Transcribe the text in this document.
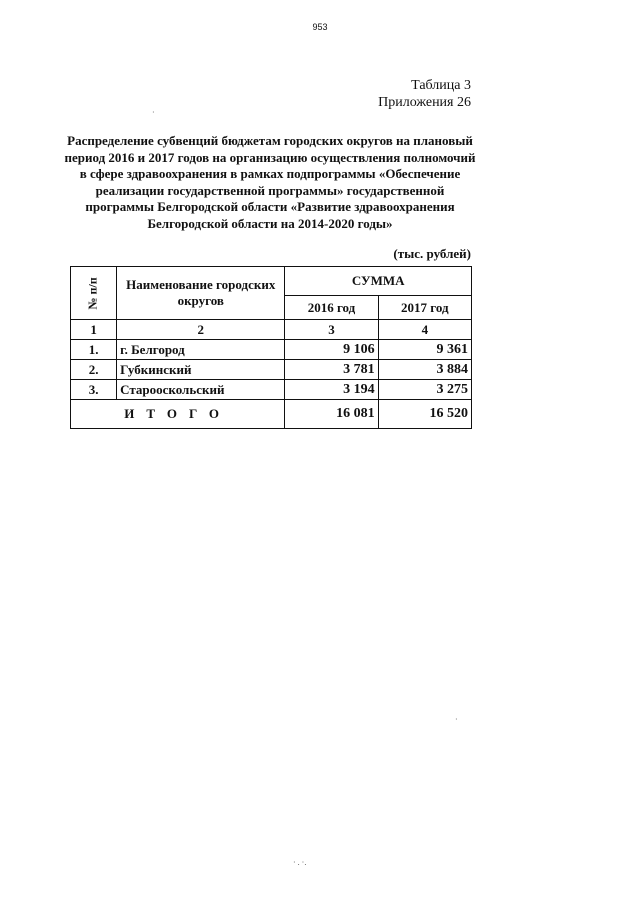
953
Таблица 3
Приложения 26
Распределение субвенций бюджетам городских округов на плановый период 2016 и 2017 годов на организацию осуществления полномочий в сфере здравоохранения в рамках подпрограммы «Обеспечение реализации государственной программы» государственной программы Белгородской области «Развитие здравоохранения Белгородской области на 2014-2020 годы»
(тыс. рублей)
№ п/п	Наименование городских округов	СУММА	
		2016 год	2017 год
1	2	3	4
1.	г. Белгород	9 106	9 361
2.	Губкинский	3 781	3 884
3.	Старооскольский	3 194	3 275
ИТОГО		16 081	16 520
·
·
· . ·.
